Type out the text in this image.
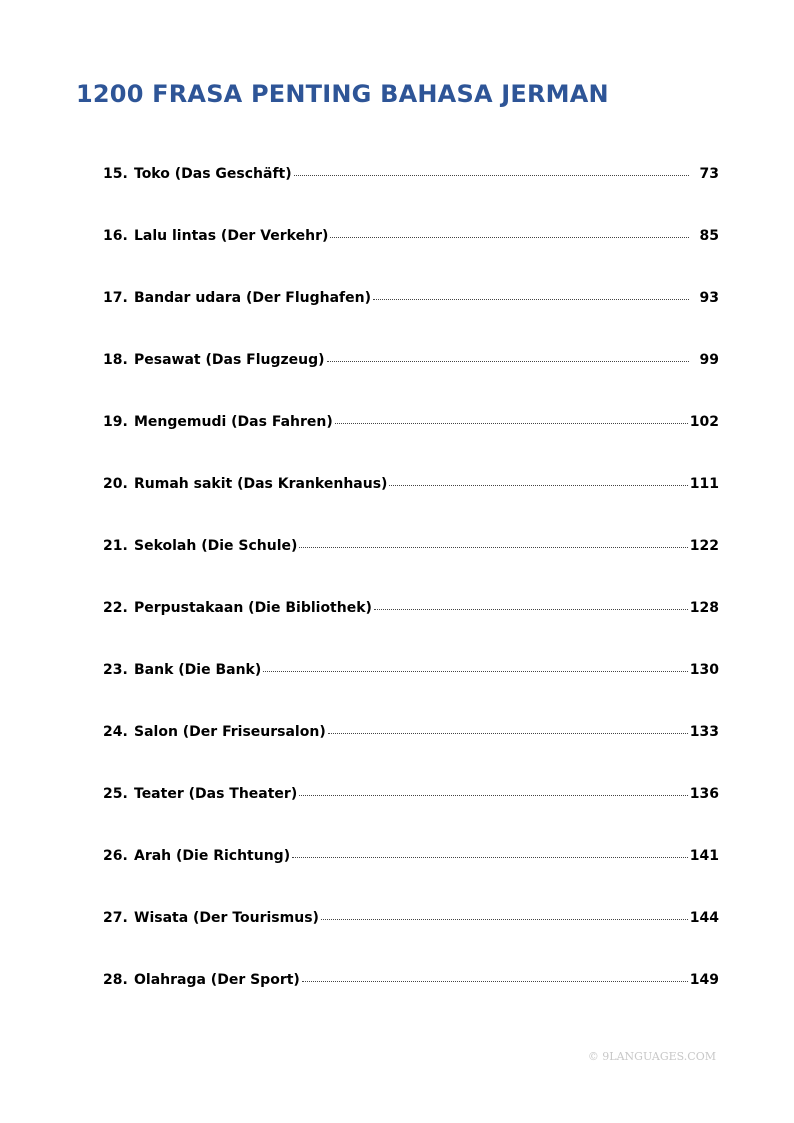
1200 FRASA PENTING BAHASA JERMAN
15. Toko (Das Geschäft)	73
16. Lalu lintas (Der Verkehr)	85
17. Bandar udara (Der Flughafen)	93
18. Pesawat (Das Flugzeug)	99
19. Mengemudi (Das Fahren)	102
20. Rumah sakit (Das Krankenhaus)	111
21. Sekolah (Die Schule)	122
22. Perpustakaan (Die Bibliothek)	128
23. Bank (Die Bank)	130
24. Salon (Der Friseursalon)	133
25. Teater (Das Theater)	136
26. Arah (Die Richtung)	141
27. Wisata (Der Tourismus)	144
28. Olahraga (Der Sport)	149
© 9LANGUAGES.COM
